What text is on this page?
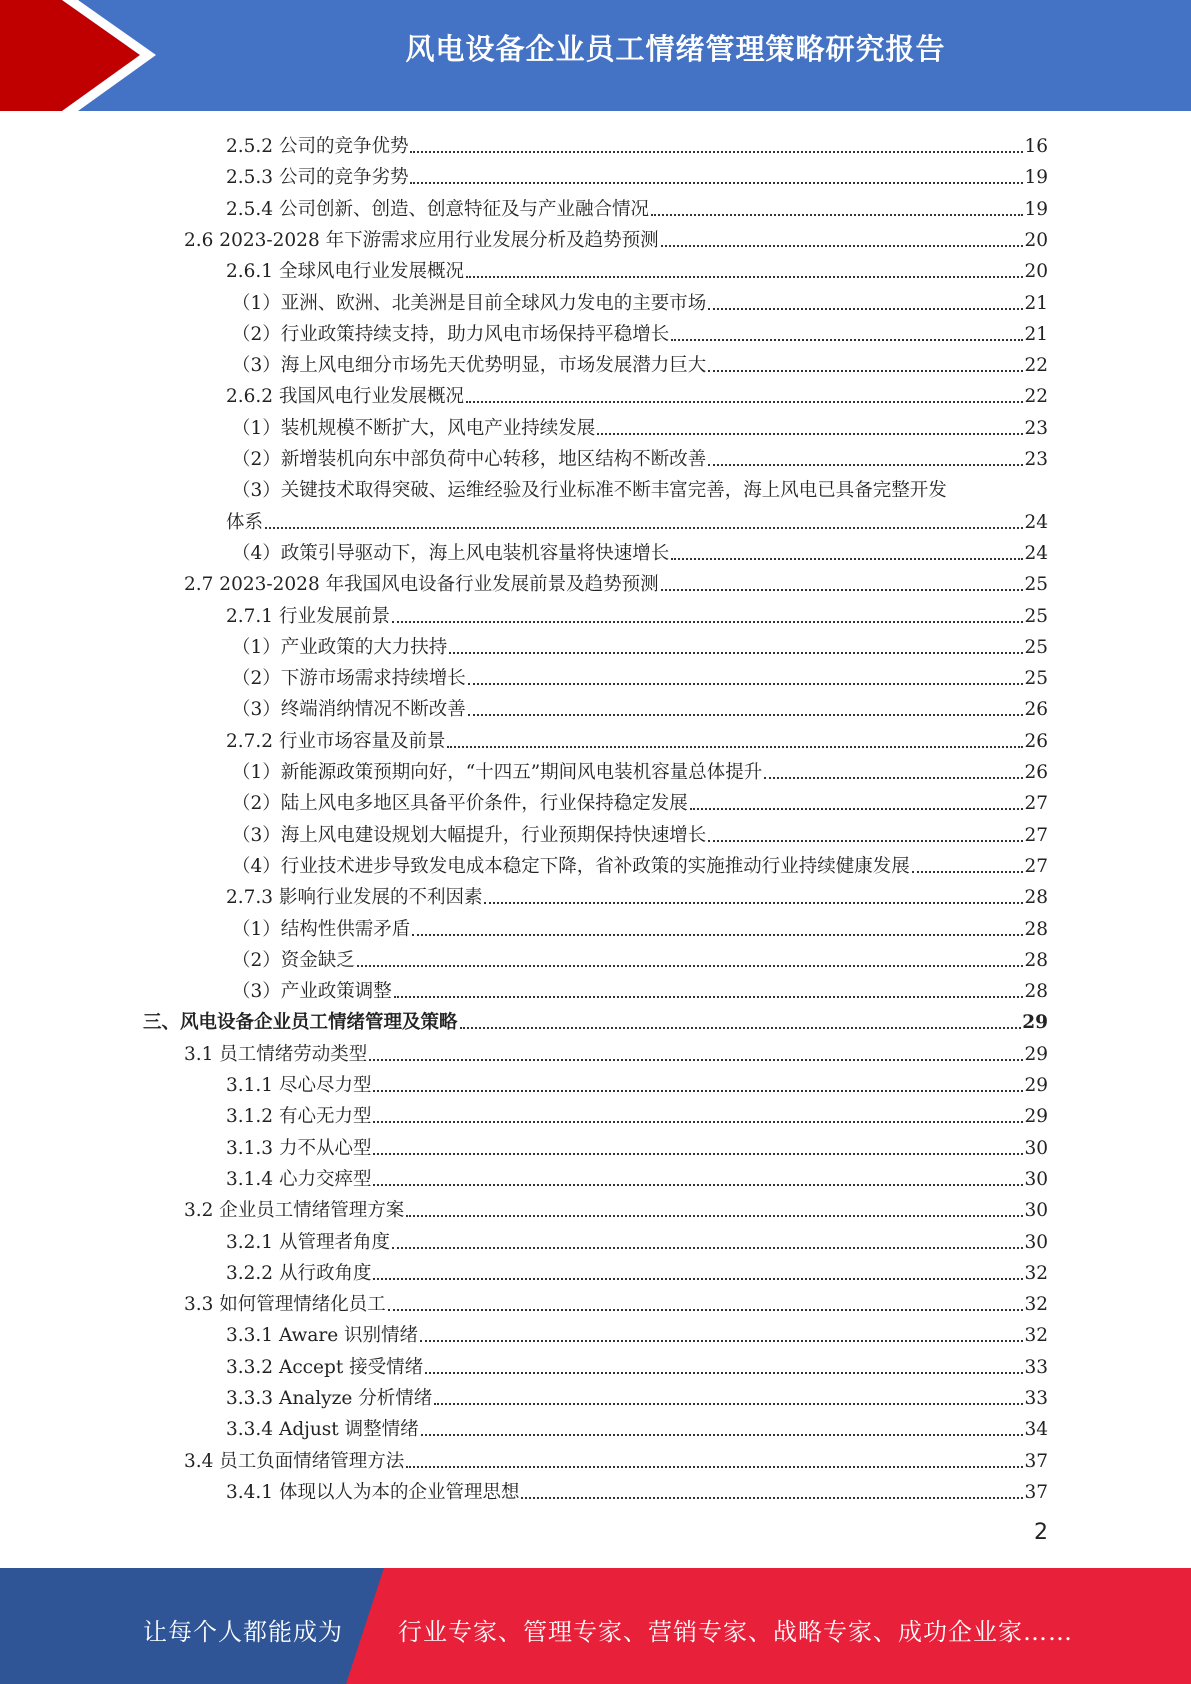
风电设备企业员工情绪管理策略研究报告
2.5.2 公司的竞争优势	16
2.5.3 公司的竞争劣势	19
2.5.4 公司创新、创造、创意特征及与产业融合情况	19
2.6 2023-2028 年下游需求应用行业发展分析及趋势预测	20
2.6.1 全球风电行业发展概况	20
（1）亚洲、欧洲、北美洲是目前全球风力发电的主要市场	21
（2）行业政策持续支持，助力风电市场保持平稳增长	21
（3）海上风电细分市场先天优势明显，市场发展潜力巨大	22
2.6.2 我国风电行业发展概况	22
（1）装机规模不断扩大，风电产业持续发展	23
（2）新增装机向东中部负荷中心转移，地区结构不断改善	23
（3）关键技术取得突破、运维经验及行业标准不断丰富完善，海上风电已具备完整开发
体系	24
（4）政策引导驱动下，海上风电装机容量将快速增长	24
2.7 2023-2028 年我国风电设备行业发展前景及趋势预测	25
2.7.1 行业发展前景	25
（1）产业政策的大力扶持	25
（2）下游市场需求持续增长	25
（3）终端消纳情况不断改善	26
2.7.2 行业市场容量及前景	26
（1）新能源政策预期向好，“十四五”期间风电装机容量总体提升	26
（2）陆上风电多地区具备平价条件，行业保持稳定发展	27
（3）海上风电建设规划大幅提升，行业预期保持快速增长	27
（4）行业技术进步导致发电成本稳定下降，省补政策的实施推动行业持续健康发展	27
2.7.3 影响行业发展的不利因素	28
（1）结构性供需矛盾	28
（2）资金缺乏	28
（3）产业政策调整	28
三、风电设备企业员工情绪管理及策略	29
3.1 员工情绪劳动类型	29
3.1.1 尽心尽力型	29
3.1.2 有心无力型	29
3.1.3 力不从心型	30
3.1.4 心力交瘁型	30
3.2 企业员工情绪管理方案	30
3.2.1 从管理者角度	30
3.2.2 从行政角度	32
3.3 如何管理情绪化员工	32
3.3.1 Aware 识别情绪	32
3.3.2 Accept 接受情绪	33
3.3.3 Analyze 分析情绪	33
3.3.4 Adjust 调整情绪	34
3.4 员工负面情绪管理方法	37
3.4.1 体现以人为本的企业管理思想	37
2
让每个人都能成为 行业专家、管理专家、营销专家、战略专家、成功企业家……
